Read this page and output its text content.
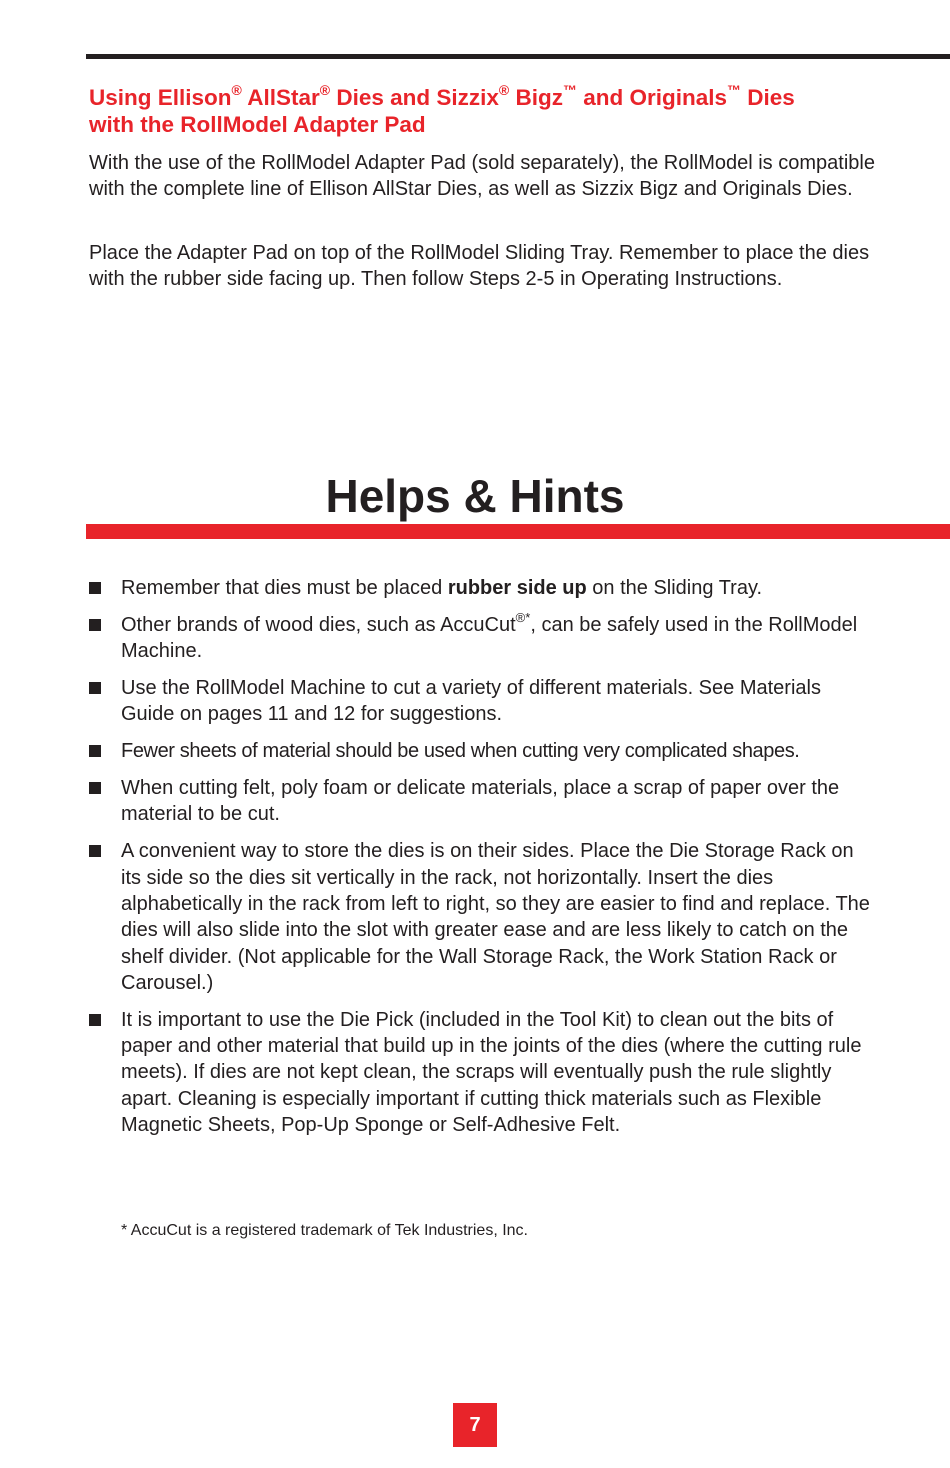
Using Ellison® AllStar® Dies and Sizzix® Bigz™ and Originals™ Dies
with the RollModel Adapter Pad

With the use of the RollModel Adapter Pad (sold separately), the RollModel is compatible with the complete line of Ellison AllStar Dies, as well as Sizzix Bigz and Originals Dies.

Place the Adapter Pad on top of the RollModel Sliding Tray. Remember to place the dies with the rubber side facing up. Then follow Steps 2-5 in Operating Instructions.

Helps & Hints
Remember that dies must be placed rubber side up on the Sliding Tray.
Other brands of wood dies, such as AccuCut®*, can be safely used in the RollModel Machine.
Use the RollModel Machine to cut a variety of different materials. See Materials Guide on pages 11 and 12 for suggestions.
Fewer sheets of material should be used when cutting very complicated shapes.
When cutting felt, poly foam or delicate materials, place a scrap of paper over the material to be cut.
A convenient way to store the dies is on their sides. Place the Die Storage Rack on its side so the dies sit vertically in the rack, not horizontally. Insert the dies alphabetically in the rack from left to right, so they are easier to find and replace. The dies will also slide into the slot with greater ease and are less likely to catch on the shelf divider. (Not applicable for the Wall Storage Rack, the Work Station Rack or Carousel.)
It is important to use the Die Pick (included in the Tool Kit) to clean out the bits of paper and other material that build up in the joints of the dies (where the cutting rule meets). If dies are not kept clean, the scraps will eventually push the rule slightly apart. Cleaning is especially important if cutting thick materials such as Flexible Magnetic Sheets, Pop-Up Sponge or Self-Adhesive Felt.

* AccuCut is a registered trademark of Tek Industries, Inc.

7
